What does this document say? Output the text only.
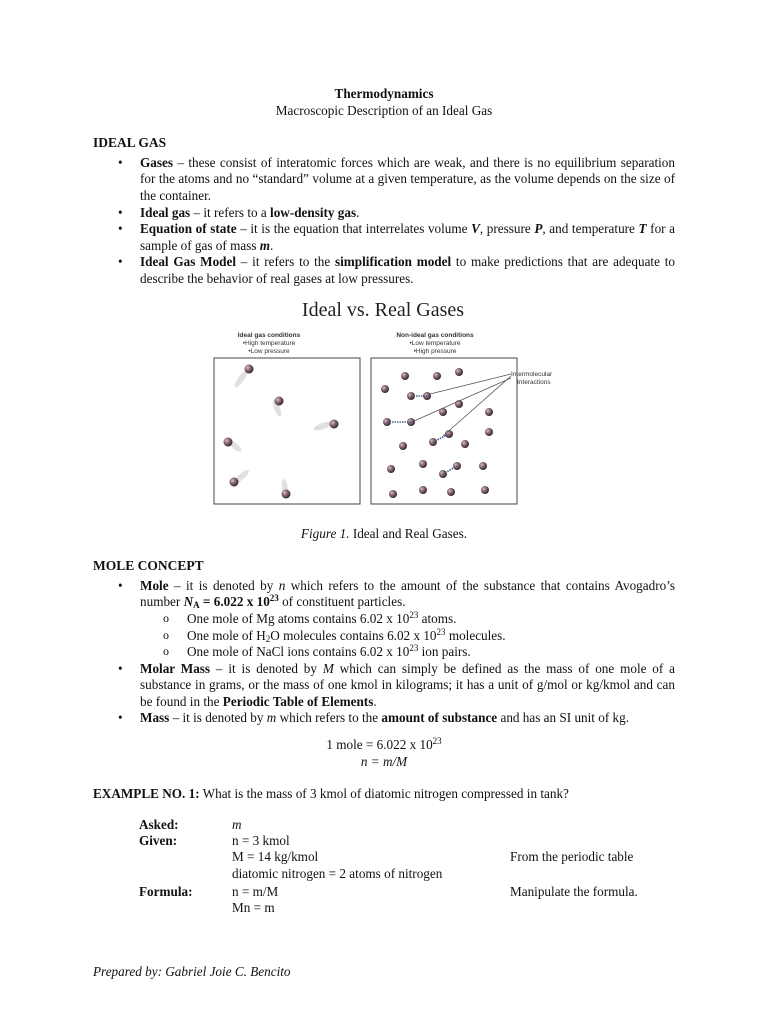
Thermodynamics
Macroscopic Description of an Ideal Gas
IDEAL GAS
• Gases – these consist of interatomic forces which are weak, and there is no equilibrium separation for the atoms and no “standard” volume at a given temperature, as the volume depends on the size of the container.
• Ideal gas – it refers to a low-density gas.
• Equation of state – it is the equation that interrelates volume V, pressure P, and temperature T for a sample of gas of mass m.
• Ideal Gas Model – it refers to the simplification model to make predictions that are adequate to describe the behavior of real gases at low pressures.
Ideal vs. Real Gases
Ideal gas conditions
•High temperature
•Low pressure
Non-ideal gas conditions
•Low temperature
•High pressure
Intermolecular
Interactions
Figure 1. Ideal and Real Gases.
MOLE CONCEPT
• Mole – it is denoted by n which refers to the amount of the substance that contains Avogadro’s number $N_A = 6.022$ x $10^{23}$ of constituent particles.
o One mole of Mg atoms contains 6.02 x $10^{23}$ atoms.
o One mole of $H_2O$ molecules contains 6.02 x $10^{23}$ molecules.
o One mole of NaCl ions contains 6.02 x $10^{23}$ ion pairs.
• Molar Mass – it is denoted by M which can simply be defined as the mass of one mole of a substance in grams, or the mass of one kmol in kilograms; it has a unit of g/mol or kg/kmol and can be found in the Periodic Table of Elements.
• Mass – it is denoted by m which refers to the amount of substance and has an SI unit of kg.
1 mole = 6.022 x $10^{23}$
n = m/M
EXAMPLE NO. 1: What is the mass of 3 kmol of diatomic nitrogen compressed in tank?
Asked:	m
Given:	n = 3 kmol
M = 14 kg/kmol	From the periodic table
diatomic nitrogen = 2 atoms of nitrogen
Formula:	n = m/M	Manipulate the formula.
Mn = m
Prepared by: Gabriel Joie C. Bencito
